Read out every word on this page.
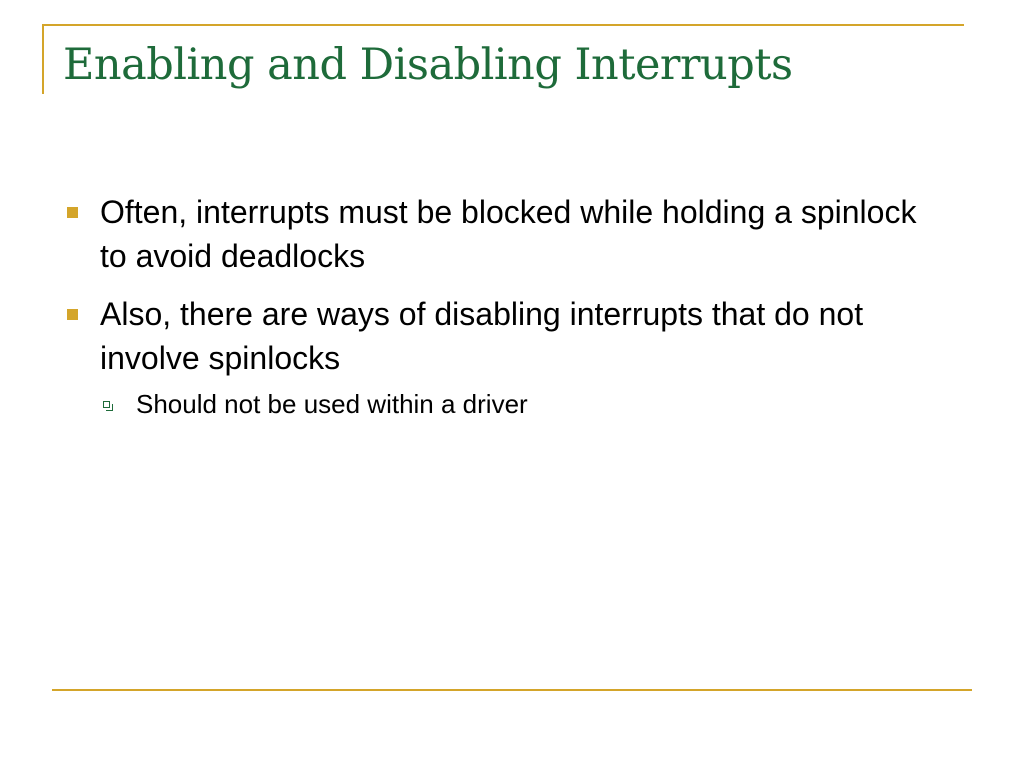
Enabling and Disabling Interrupts
Often, interrupts must be blocked while holding a spinlock to avoid deadlocks
Also, there are ways of disabling interrupts that do not involve spinlocks
Should not be used within a driver
